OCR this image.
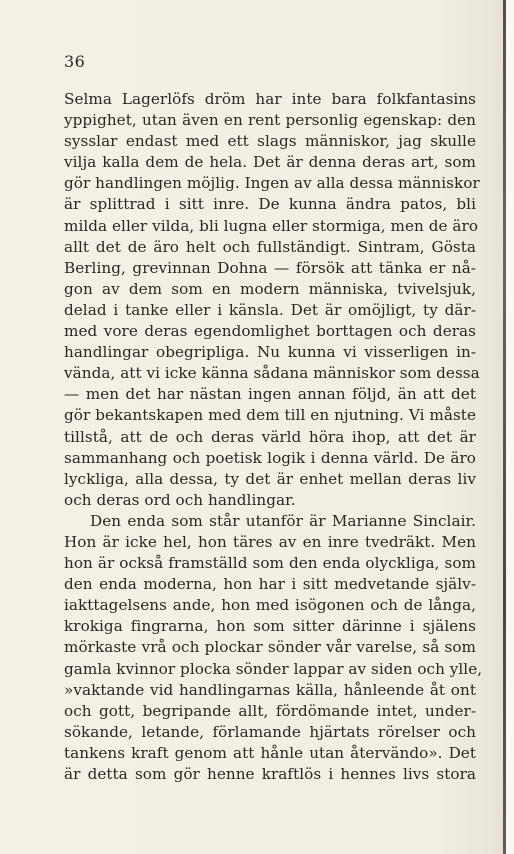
36
Selma Lagerlöfs dröm har inte bara folkfantasins
yppighet, utan även en rent personlig egenskap: den
sysslar endast med ett slags människor, jag skulle
vilja kalla dem de hela. Det är denna deras art, som
gör handlingen möjlig. Ingen av alla dessa människor
är splittrad i sitt inre. De kunna ändra patos, bli
milda eller vilda, bli lugna eller stormiga, men de äro
allt det de äro helt och fullständigt. Sintram, Gösta
Berling, grevinnan Dohna — försök att tänka er nå-
gon av dem som en modern människa, tvivelsjuk,
delad i tanke eller i känsla. Det är omöjligt, ty där-
med vore deras egendomlighet borttagen och deras
handlingar obegripliga. Nu kunna vi visserligen in-
vända, att vi icke känna sådana människor som dessa
— men det har nästan ingen annan följd, än att det
gör bekantskapen med dem till en njutning. Vi måste
tillstå, att de och deras värld höra ihop, att det är
sammanhang och poetisk logik i denna värld. De äro
lyckliga, alla dessa, ty det är enhet mellan deras liv
och deras ord och handlingar.
Den enda som står utanför är Marianne Sinclair.
Hon är icke hel, hon täres av en inre tvedräkt. Men
hon är också framställd som den enda olyckliga, som
den enda moderna, hon har i sitt medvetande själv-
iakttagelsens ande, hon med isögonen och de långa,
krokiga fingrarna, hon som sitter därinne i själens
mörkaste vrå och plockar sönder vår varelse, så som
gamla kvinnor plocka sönder lappar av siden och ylle,
»vaktande vid handlingarnas källa, hånleende åt ont
och gott, begripande allt, fördömande intet, under-
sökande, letande, förlamande hjärtats rörelser och
tankens kraft genom att hånle utan återvändo». Det
är detta som gör henne kraftlös i hennes livs stora
